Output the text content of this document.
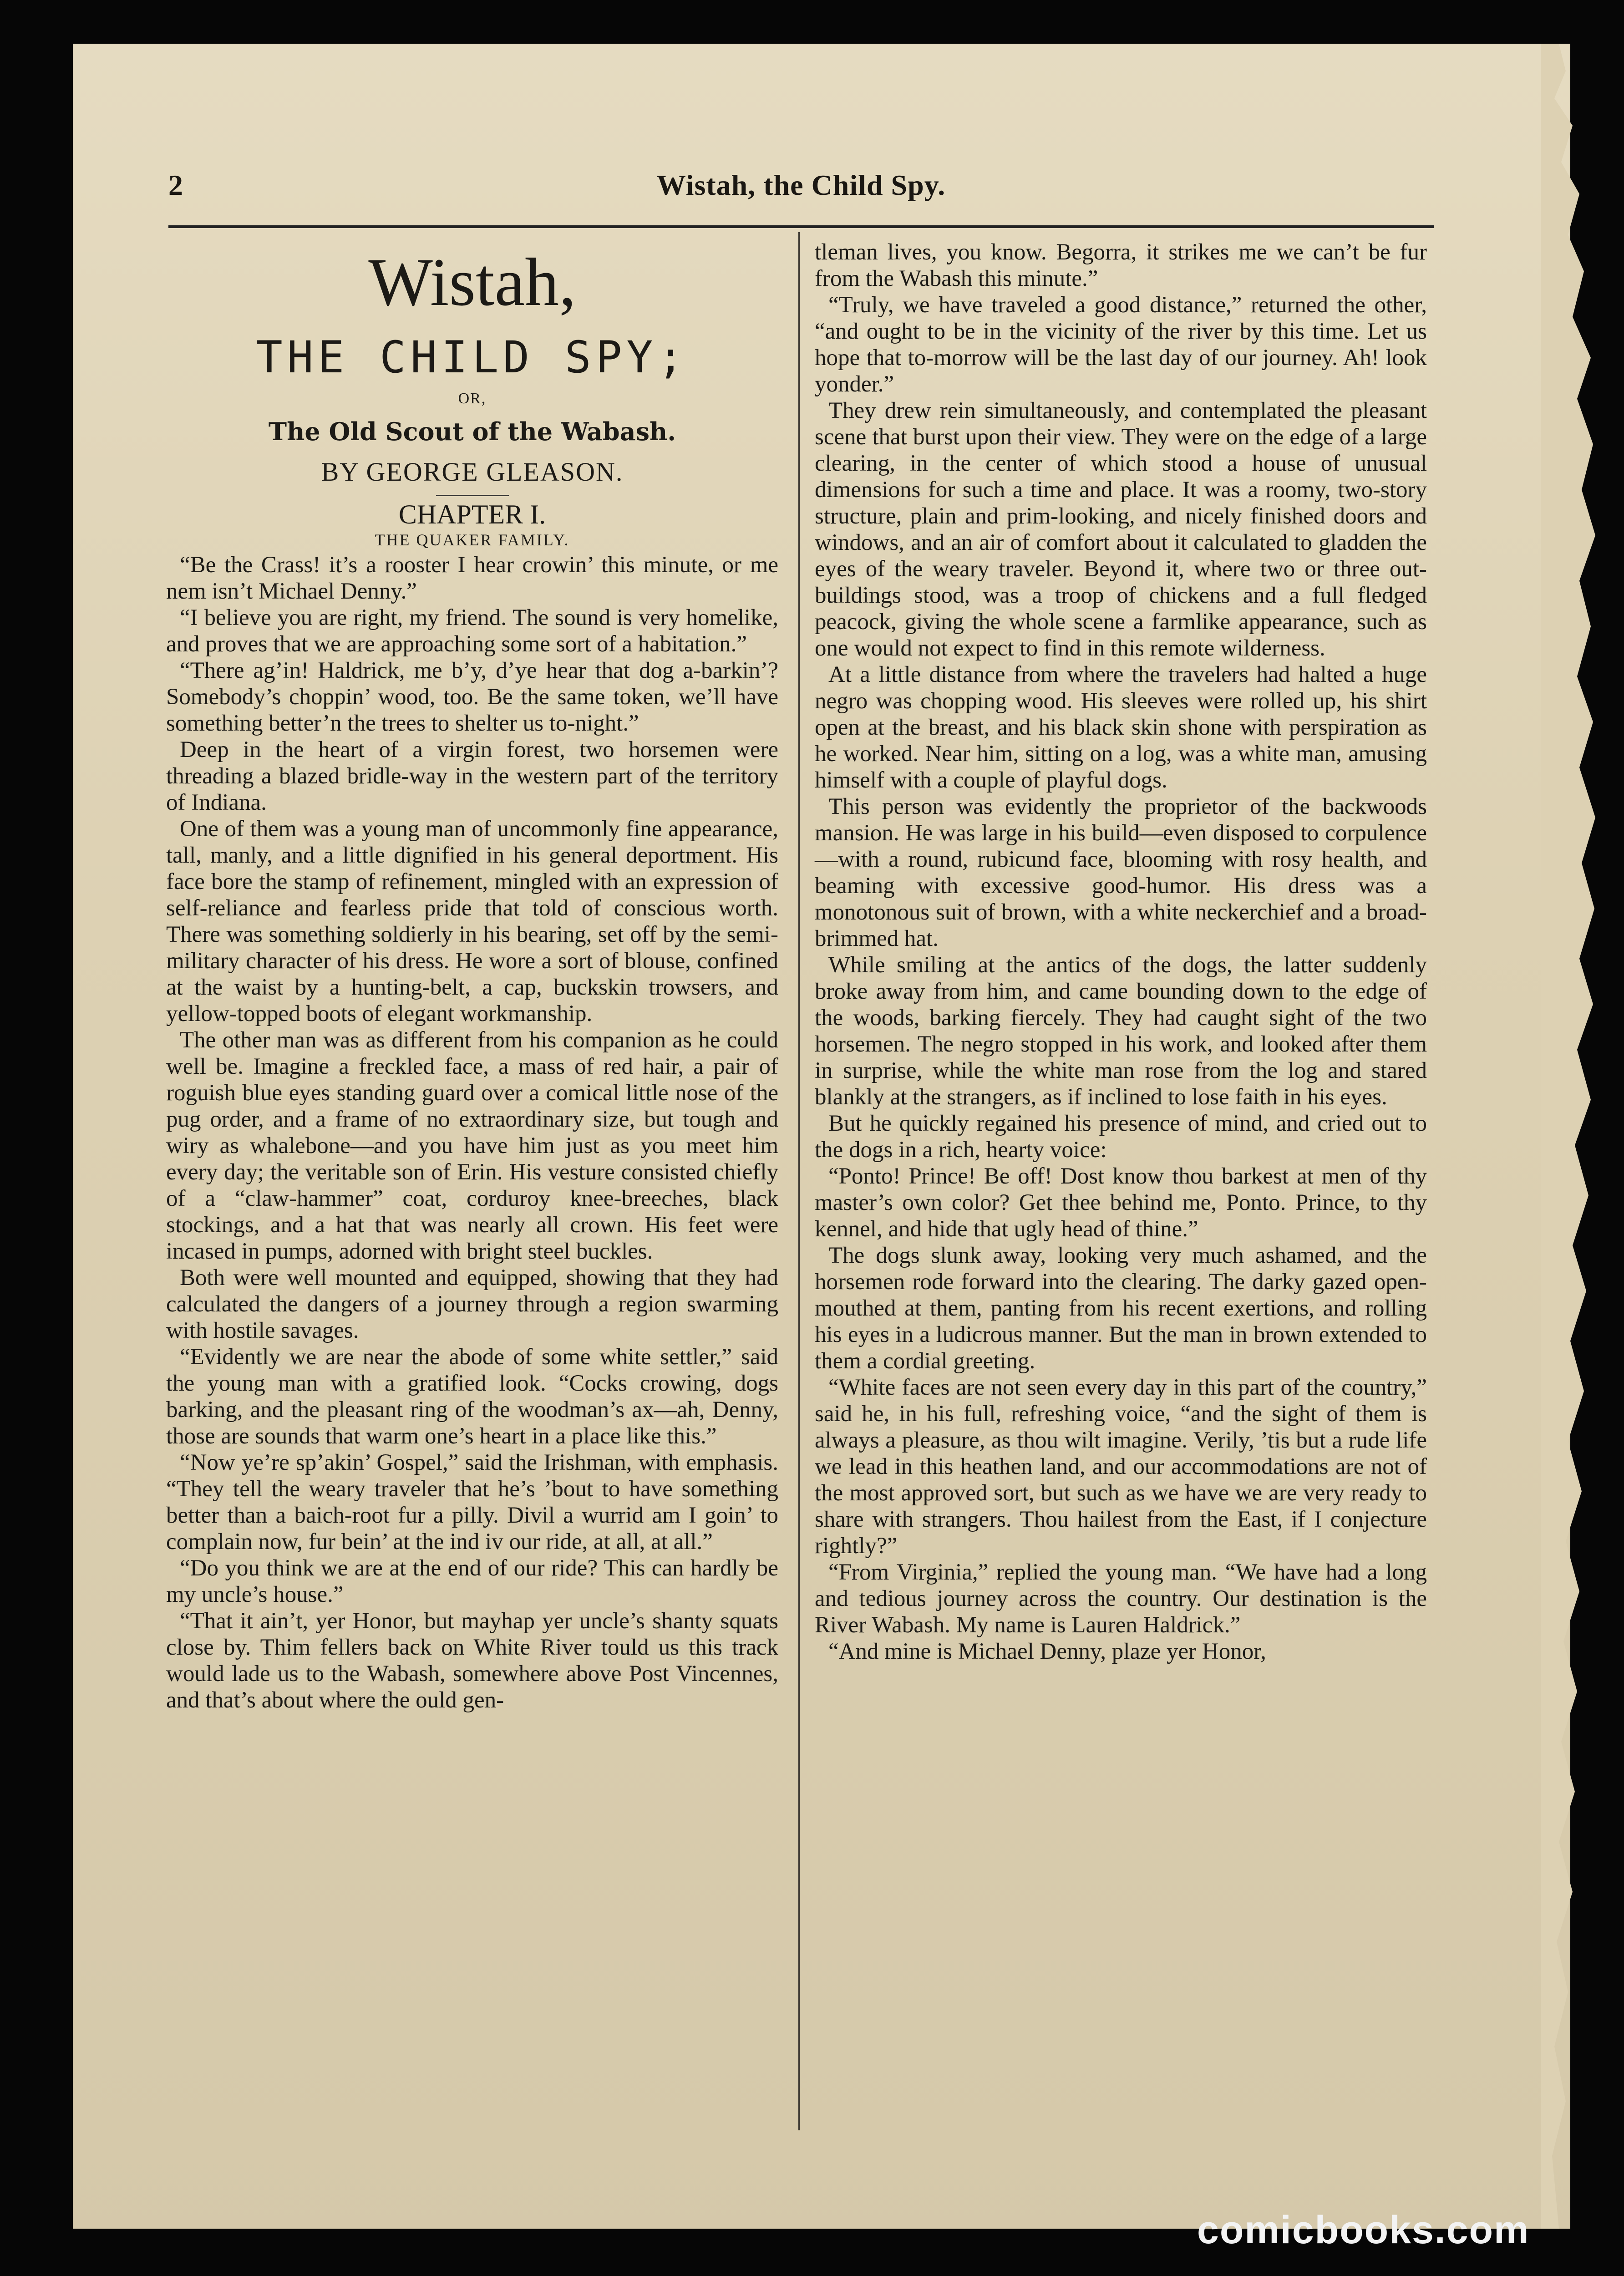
2	Wistah, the Child Spy.
Wistah,
THE CHILD SPY;
OR,
The Old Scout of the Wabash.
BY GEORGE GLEASON.
CHAPTER I.
THE QUAKER FAMILY.

“Be the Crass! it’s a rooster I hear crowin’ this minute, or me nem isn’t Michael Denny.”

“I believe you are right, my friend. The sound is very homelike, and proves that we are approaching some sort of a habitation.”

“There ag’in! Haldrick, me b’y, d’ye hear that dog a-barkin’? Somebody’s choppin’ wood, too. Be the same token, we’ll have something better’n the trees to shelter us to-night.”

Deep in the heart of a virgin forest, two horsemen were threading a blazed bridle-way in the western part of the territory of Indiana.

One of them was a young man of uncommonly fine appearance, tall, manly, and a little dignified in his general deportment. His face bore the stamp of refinement, mingled with an expression of self-reliance and fearless pride that told of conscious worth. There was something soldierly in his bearing, set off by the semi-military character of his dress. He wore a sort of blouse, confined at the waist by a hunting-belt, a cap, buckskin trowsers, and yellow-topped boots of elegant workmanship.

The other man was as different from his companion as he could well be. Imagine a freckled face, a mass of red hair, a pair of roguish blue eyes standing guard over a comical little nose of the pug order, and a frame of no extraordinary size, but tough and wiry as whalebone—and you have him just as you meet him every day; the veritable son of Erin. His vesture consisted chiefly of a “claw-hammer” coat, corduroy knee-breeches, black stockings, and a hat that was nearly all crown. His feet were incased in pumps, adorned with bright steel buckles.

Both were well mounted and equipped, showing that they had calculated the dangers of a journey through a region swarming with hostile savages.

“Evidently we are near the abode of some white settler,” said the young man with a gratified look. “Cocks crowing, dogs barking, and the pleasant ring of the woodman’s ax—ah, Denny, those are sounds that warm one’s heart in a place like this.”

“Now ye’re sp’akin’ Gospel,” said the Irishman, with emphasis. “They tell the weary traveler that he’s ’bout to have something better than a baich-root fur a pilly. Divil a wurrid am I goin’ to complain now, fur bein’ at the ind iv our ride, at all, at all.”

“Do you think we are at the end of our ride? This can hardly be my uncle’s house.”

“That it ain’t, yer Honor, but mayhap yer uncle’s shanty squats close by. Thim fellers back on White River tould us this track would lade us to the Wabash, somewhere above Post Vincennes, and that’s about where the ould gen-

tleman lives, you know. Begorra, it strikes me we can’t be fur from the Wabash this minute.”

“Truly, we have traveled a good distance,” returned the other, “and ought to be in the vicinity of the river by this time. Let us hope that to-morrow will be the last day of our journey. Ah! look yonder.”

They drew rein simultaneously, and contemplated the pleasant scene that burst upon their view. They were on the edge of a large clearing, in the center of which stood a house of unusual dimensions for such a time and place. It was a roomy, two-story structure, plain and prim-looking, and nicely finished doors and windows, and an air of comfort about it calculated to gladden the eyes of the weary traveler. Beyond it, where two or three out-buildings stood, was a troop of chickens and a full fledged peacock, giving the whole scene a farmlike appearance, such as one would not expect to find in this remote wilderness.

At a little distance from where the travelers had halted a huge negro was chopping wood. His sleeves were rolled up, his shirt open at the breast, and his black skin shone with perspiration as he worked. Near him, sitting on a log, was a white man, amusing himself with a couple of playful dogs.

This person was evidently the proprietor of the backwoods mansion. He was large in his build—even disposed to corpulence—with a round, rubicund face, blooming with rosy health, and beaming with excessive good-humor. His dress was a monotonous suit of brown, with a white neckerchief and a broad-brimmed hat.

While smiling at the antics of the dogs, the latter suddenly broke away from him, and came bounding down to the edge of the woods, barking fiercely. They had caught sight of the two horsemen. The negro stopped in his work, and looked after them in surprise, while the white man rose from the log and stared blankly at the strangers, as if inclined to lose faith in his eyes.

But he quickly regained his presence of mind, and cried out to the dogs in a rich, hearty voice:

“Ponto! Prince! Be off! Dost know thou barkest at men of thy master’s own color? Get thee behind me, Ponto. Prince, to thy kennel, and hide that ugly head of thine.”

The dogs slunk away, looking very much ashamed, and the horsemen rode forward into the clearing. The darky gazed open-mouthed at them, panting from his recent exertions, and rolling his eyes in a ludicrous manner. But the man in brown extended to them a cordial greeting.

“White faces are not seen every day in this part of the country,” said he, in his full, refreshing voice, “and the sight of them is always a pleasure, as thou wilt imagine. Verily, ’tis but a rude life we lead in this heathen land, and our accommodations are not of the most approved sort, but such as we have we are very ready to share with strangers. Thou hailest from the East, if I conjecture rightly?”

“From Virginia,” replied the young man. “We have had a long and tedious journey across the country. Our destination is the River Wabash. My name is Lauren Haldrick.”

“And mine is Michael Denny, plaze yer Honor,

comicbooks.com
